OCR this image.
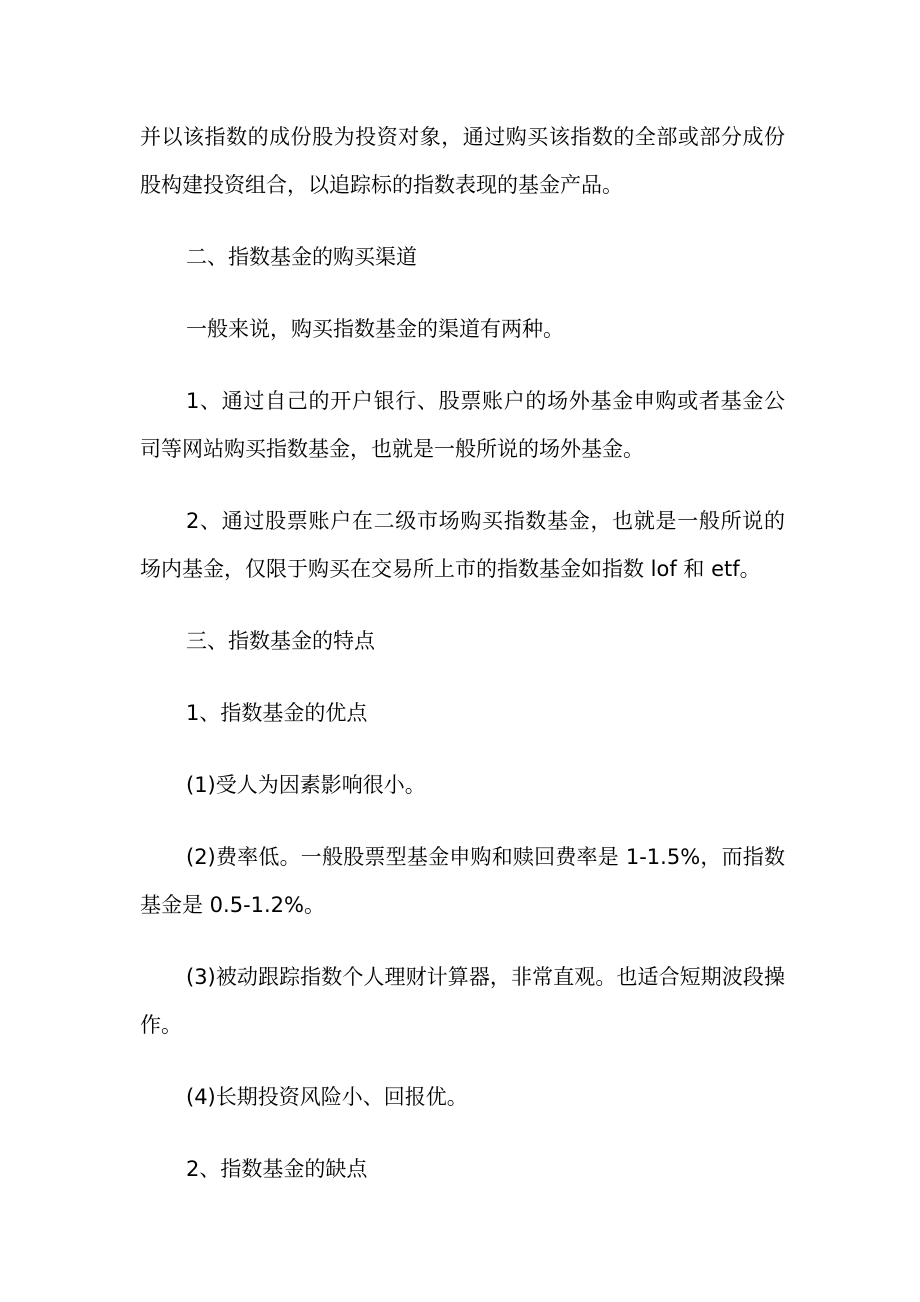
并以该指数的成份股为投资对象，通过购买该指数的全部或部分成份股构建投资组合，以追踪标的指数表现的基金产品。

二、指数基金的购买渠道

一般来说，购买指数基金的渠道有两种。

1、通过自己的开户银行、股票账户的场外基金申购或者基金公司等网站购买指数基金，也就是一般所说的场外基金。

2、通过股票账户在二级市场购买指数基金，也就是一般所说的场内基金，仅限于购买在交易所上市的指数基金如指数 lof 和 etf。

三、指数基金的特点

1、指数基金的优点

(1)受人为因素影响很小。

(2)费率低。一般股票型基金申购和赎回费率是 1-1.5%，而指数基金是 0.5-1.2%。

(3)被动跟踪指数个人理财计算器，非常直观。也适合短期波段操作。

(4)长期投资风险小、回报优。

2、指数基金的缺点
